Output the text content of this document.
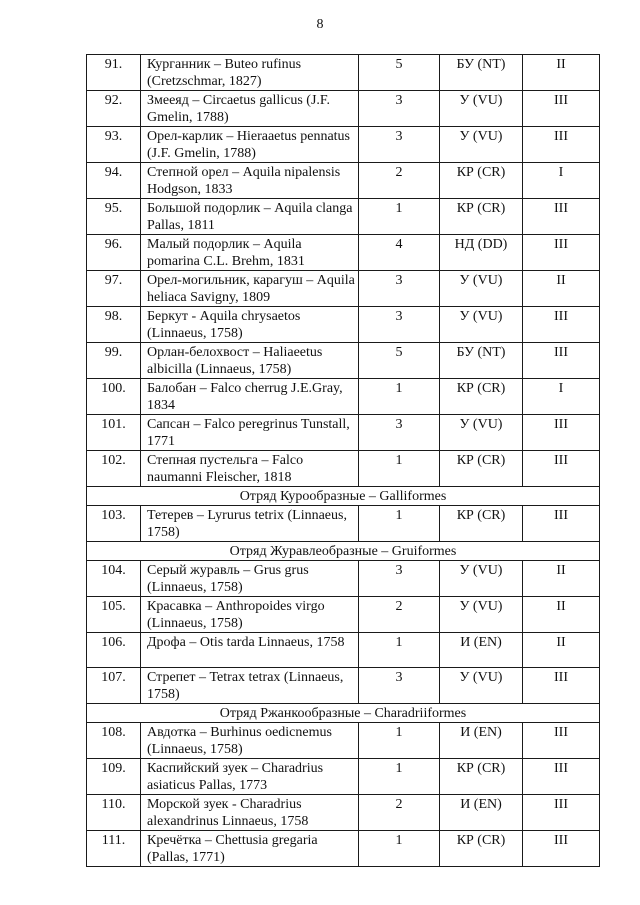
8
91.	Курганник – Buteo rufinus (Cretzschmar, 1827)	5	БУ (NT)	II
92.	Змееяд – Circaetus gallicus (J.F. Gmelin, 1788)	3	У (VU)	III
93.	Орел-карлик – Hieraaetus pennatus (J.F. Gmelin, 1788)	3	У (VU)	III
94.	Степной орел – Aquila nipalensis Hodgson, 1833	2	КР (CR)	I
95.	Большой подорлик – Aquila clanga Pallas, 1811	1	КР (CR)	III
96.	Малый подорлик – Aquila pomarina C.L. Brehm, 1831	4	НД (DD)	III
97.	Орел-могильник, карагуш – Aquila heliaca Savigny, 1809	3	У (VU)	II
98.	Беркут - Aquila chrysaetos (Linnaeus, 1758)	3	У (VU)	III
99.	Орлан-белохвост – Haliaeetus albicilla (Linnaeus, 1758)	5	БУ (NT)	III
100.	Балобан – Falco cherrug J.E.Gray, 1834	1	КР (CR)	I
101.	Сапсан – Falco peregrinus Tunstall, 1771	3	У (VU)	III
102.	Степная пустельга – Falco naumanni Fleischer, 1818	1	КР (CR)	III
Отряд Курообразные – Galliformes				
103.	Тетерев – Lyrurus tetrix (Linnaeus, 1758)	1	КР (CR)	III
Отряд Журавлеобразные – Gruiformes				
104.	Серый журавль – Grus grus (Linnaeus, 1758)	3	У (VU)	II
105.	Красавка – Anthropoides virgo (Linnaeus, 1758)	2	У (VU)	II
106.	Дрофа – Otis tarda Linnaeus, 1758	1	И (EN)	II
107.	Стрепет – Tetrax tetrax (Linnaeus, 1758)	3	У (VU)	III
Отряд Ржанкообразные – Charadriiformes				
108.	Авдотка – Burhinus oedicnemus (Linnaeus, 1758)	1	И (EN)	III
109.	Каспийский зуек – Charadrius asiaticus Pallas, 1773	1	КР (CR)	III
110.	Морской зуек - Charadrius alexandrinus Linnaeus, 1758	2	И (EN)	III
111.	Кречётка – Chettusia gregaria (Pallas, 1771)	1	КР (CR)	III
